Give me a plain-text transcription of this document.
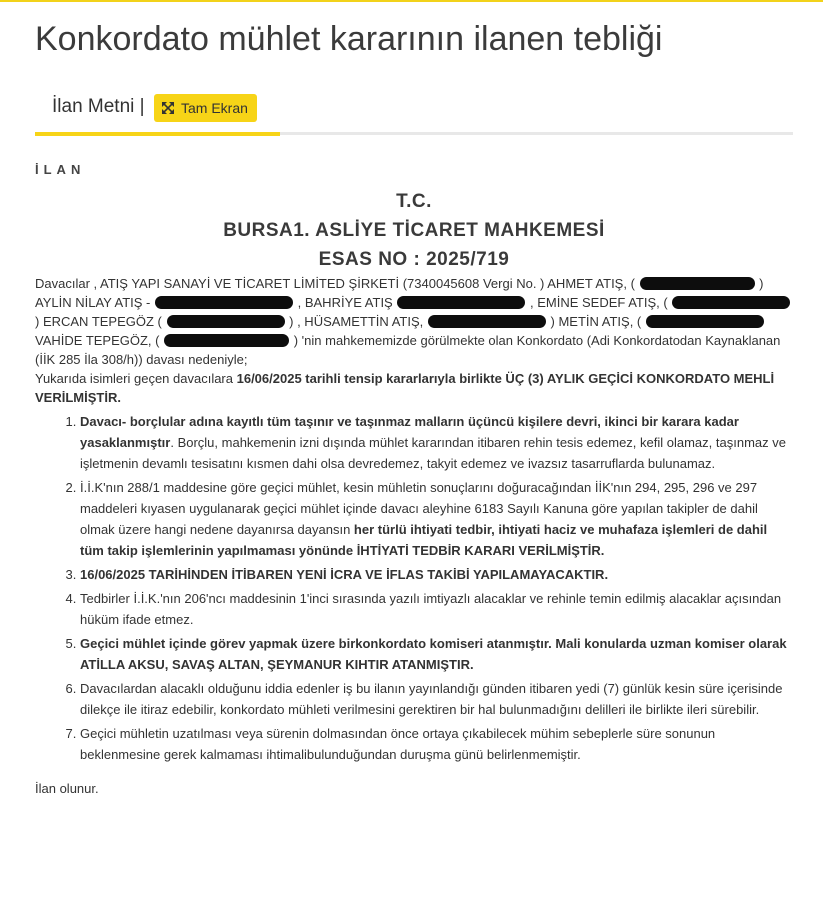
Konkordato mühlet kararının ilanen tebliği
İlan Metni |	Tam Ekran
İLAN
T.C.
BURSA1. ASLİYE TİCARET MAHKEMESİ
ESAS NO : 2025/719

Davacılar , ATIŞ YAPI SANAYİ VE TİCARET LİMİTED ŞİRKETİ (7340045608 Vergi No. ) AHMET ATIŞ, (	) AYLİN NİLAY ATIŞ -	, BAHRİYE ATIŞ	, EMİNE SEDEF ATIŞ, (  ) ERCAN TEPEGÖZ (	) , HÜSAMETTİN ATIŞ,	) METİN ATIŞ, (  VAHİDE TEPEGÖZ, (	) 'nin mahkememizde görülmekte olan Konkordato (Adi Konkordatodan Kaynaklanan (İİK 285 İla 308/h)) davası nedeniyle;

Yukarıda isimleri geçen davacılara 16/06/2025 tarihli tensip kararlarıyla birlikte ÜÇ (3) AYLIK GEÇİCİ KONKORDATO MEHLİ VERİLMİŞTİR.

1. Davacı- borçlular adına kayıtlı tüm taşınır ve taşınmaz malların üçüncü kişilere devri, ikinci bir karara kadar yasaklanmıştır. Borçlu, mahkemenin izni dışında mühlet kararından itibaren rehin tesis edemez, kefil olamaz, taşınmaz ve işletmenin devamlı tesisatını kısmen dahi olsa devredemez, takyit edemez ve ivazsız tasarruflarda bulunamaz.
2. İ.İ.K'nın 288/1 maddesine göre geçici mühlet, kesin mühletin sonuçlarını doğuracağından İİK'nın 294, 295, 296 ve 297 maddeleri kıyasen uygulanarak geçici mühlet içinde davacı aleyhine 6183 Sayılı Kanuna göre yapılan takipler de dahil olmak üzere hangi nedene dayanırsa dayansın her türlü ihtiyati tedbir, ihtiyati haciz ve muhafaza işlemleri de dahil tüm takip işlemlerinin yapılmaması yönünde İHTİYATİ TEDBİR KARARI VERİLMİŞTİR.
3. 16/06/2025 TARİHİNDEN İTİBAREN YENİ İCRA VE İFLAS TAKİBİ YAPILAMAYACAKTIR.
4. Tedbirler İ.İ.K.'nın 206'ncı maddesinin 1'inci sırasında yazılı imtiyazlı alacaklar ve rehinle temin edilmiş alacaklar açısından hüküm ifade etmez.
5. Geçici mühlet içinde görev yapmak üzere birkonkordato komiseri atanmıştır. Mali konularda uzman komiser olarak ATİLLA AKSU, SAVAŞ ALTAN, ŞEYMANUR KIHTIR ATANMIŞTIR.
6. Davacılardan alacaklı olduğunu iddia edenler iş bu ilanın yayınlandığı günden itibaren yedi (7) günlük kesin süre içerisinde dilekçe ile itiraz edebilir, konkordato mühleti verilmesini gerektiren bir hal bulunmadığını delilleri ile birlikte ileri sürebilir.
7. Geçici mühletin uzatılması veya sürenin dolmasından önce ortaya çıkabilecek mühim sebeplerle süre sonunun beklenmesine gerek kalmaması ihtimalibulunduğundan duruşma günü belirlenmemiştir.

İlan olunur.
